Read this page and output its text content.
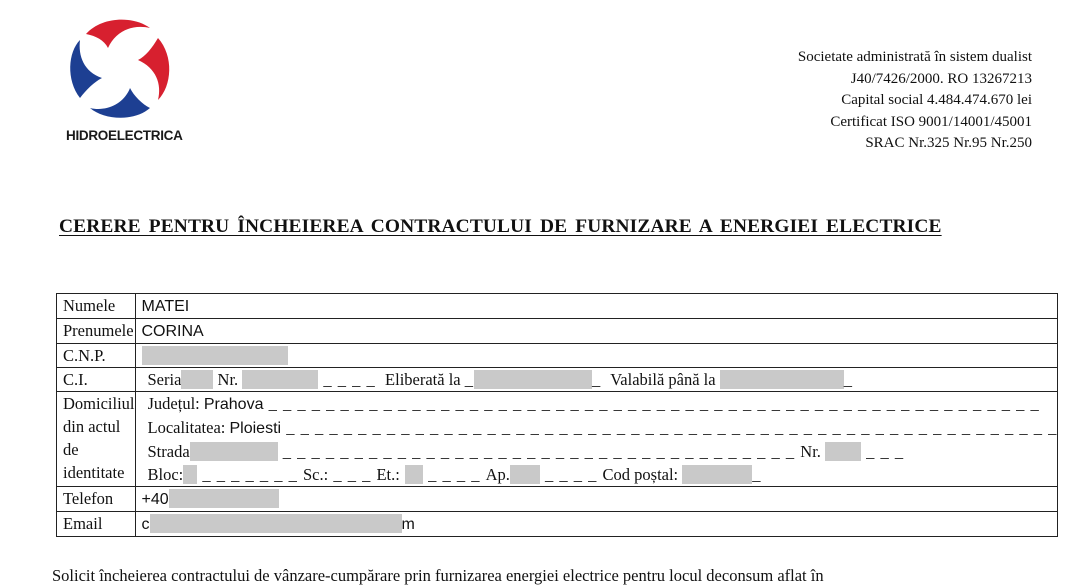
HIDROELECTRICA
Societate administrată în sistem dualist
J40/7426/2000. RO 13267213
Capital social 4.484.474.670 lei
Certificat ISO 9001/14001/45001
SRAC Nr.325 Nr.95 Nr.250
CERERE PENTRU ÎNCHEIEREA CONTRACTULUI DE FURNIZARE A ENERGIEI ELECTRICE
Numele	MATEI
Prenumele	CORINA
C.N.P.	
C.I.	Seria Nr. _ _ _ _  Eliberată la _ _  Valabilă până la _
Domiciliul din actul de identitate	Județul: Prahova _ _ _ _ _ _ _ _ _ _ _ _ _ _ _ _ _ _ _ _ _ _ _ _ _ _ _ _ _ _ _ _ _ _ _ _ _ _ _ _ _ _ _ _ _ _ _ _ _ _ _ _ _ _
Localitatea: Ploiesti _ _ _ _ _ _ _ _ _ _ _ _ _ _ _ _ _ _ _ _ _ _ _ _ _ _ _ _ _ _ _ _ _ _ _ _ _ _ _ _ _ _ _ _ _ _ _ _ _ _ _ _ _ _
Strada _ _ _ _ _ _ _ _ _ _ _ _ _ _ _ _ _ _ _ _ _ _ _ _ _ _ _ _ _ _ _ _ _ _ _ _ Nr.  _ _ _
Bloc: _ _ _ _ _ _ _ Sc.: _ _ _ Et.:  _ _ _ _ Ap. _ _ _ _ Cod poștal: _

Telefon	+40
Email	c m
Solicit încheierea contractului de vânzare-cumpărare prin furnizarea energiei electrice pentru locul deconsum aflat în
